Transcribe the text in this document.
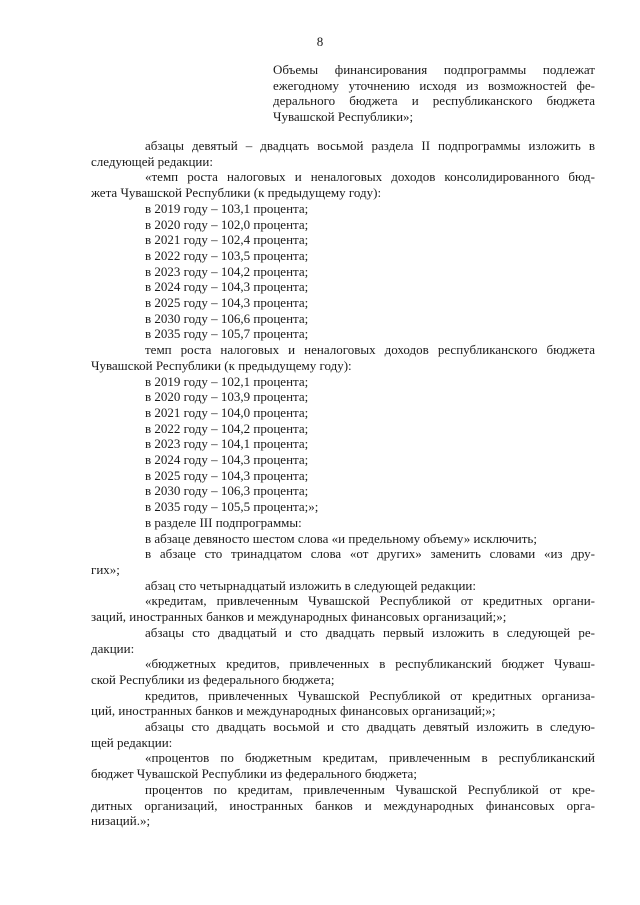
8
Объемы финансирования подпрограммы подлежат
ежегодному уточнению исходя из возможностей фе-
дерального бюджета и республиканского бюджета
Чувашской Республики»;
абзацы девятый – двадцать восьмой раздела II подпрограммы изложить в
следующей редакции:
«темп роста налоговых и неналоговых доходов консолидированного бюд-
жета Чувашской Республики (к предыдущему году):
в 2019 году – 103,1 процента;
в 2020 году – 102,0 процента;
в 2021 году – 102,4 процента;
в 2022 году – 103,5 процента;
в 2023 году – 104,2 процента;
в 2024 году – 104,3 процента;
в 2025 году – 104,3 процента;
в 2030 году – 106,6 процента;
в 2035 году – 105,7 процента;
темп роста налоговых и неналоговых доходов республиканского бюджета
Чувашской Республики (к предыдущему году):
в 2019 году – 102,1 процента;
в 2020 году – 103,9 процента;
в 2021 году – 104,0 процента;
в 2022 году – 104,2 процента;
в 2023 году – 104,1 процента;
в 2024 году – 104,3 процента;
в 2025 году – 104,3 процента;
в 2030 году – 106,3 процента;
в 2035 году – 105,5 процента;»;
в разделе III подпрограммы:
в абзаце девяносто шестом слова «и предельному объему» исключить;
в абзаце сто тринадцатом слова «от других» заменить словами «из дру-
гих»;
абзац сто четырнадцатый изложить в следующей редакции:
«кредитам, привлеченным Чувашской Республикой от кредитных органи-
заций, иностранных банков и международных финансовых организаций;»;
абзацы сто двадцатый и сто двадцать первый изложить в следующей ре-
дакции:
«бюджетных кредитов, привлеченных в республиканский бюджет Чуваш-
ской Республики из федерального бюджета;
кредитов, привлеченных Чувашской Республикой от кредитных организа-
ций, иностранных банков и международных финансовых организаций;»;
абзацы сто двадцать восьмой и сто двадцать девятый изложить в следую-
щей редакции:
«процентов по бюджетным кредитам, привлеченным в республиканский
бюджет Чувашской Республики из федерального бюджета;
процентов по кредитам, привлеченным Чувашской Республикой от кре-
дитных организаций, иностранных банков и международных финансовых орга-
низаций.»;
